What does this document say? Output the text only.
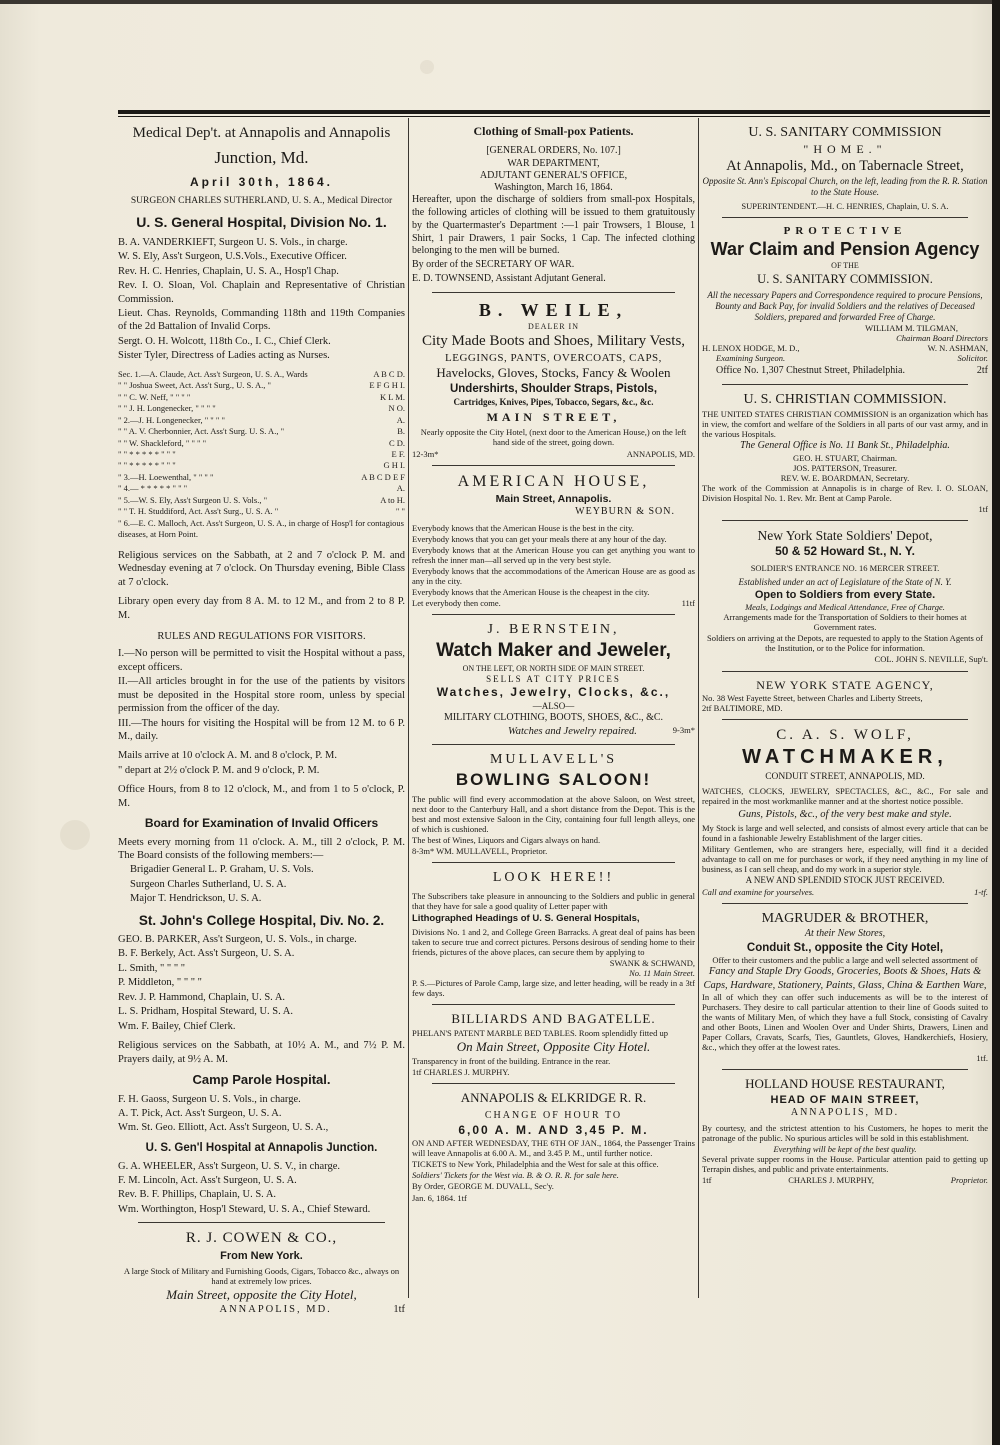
Medical Dep't. at Annapolis and Annapolis
Junction, Md.
April 30th, 1864.

SURGEON CHARLES SUTHERLAND, U. S. A., Medical Director

U. S. General Hospital, Division No. 1.

B. A. VANDERKIEFT, Surgeon U. S. Vols., in charge.

W. S. Ely, Ass't Surgeon, U.S.Vols., Executive Officer.

Rev. H. C. Henries, Chaplain, U. S. A., Hosp'l Chap.

Rev. I. O. Sloan, Vol. Chaplain and Representative of Christian Commission.

Lieut. Chas. Reynolds, Commanding 118th and 119th Companies of the 2d Battalion of Invalid Corps.

Sergt. O. H. Wolcott, 118th Co., I. C., Chief Clerk.

Sister Tyler, Directress of Ladies acting as Nurses.

Sec. 1.—A. Claude, Act. Ass't Surgeon, U. S. A., Wards	A B C D.
" " Joshua Sweet, Act. Ass't Surg., U. S. A., "	E F G H I.
" " C. W. Neff, " " " "	K L M.
" " J. H. Longenecker, " " " "	N O.
" 2.—J. H. Longenecker, " " " "	A.
" " A. V. Cherbonnier, Act. Ass't Surg. U. S. A., "	B.
" " W. Shackleford, " " " "	C D.
" " * * * * * " " "	E F.
" " * * * * * " " "	G H I.
" 3.—H. Loewenthal, " " " "	A B C D E F
" 4.— * * * * * " " "	A.
" 5.—W. S. Ely, Ass't Surgeon U. S. Vols., "	A to H.
" " T. H. Studdiford, Act. Ass't Surg., U. S. A. "	" "
" 6.—E. C. Malloch, Act. Ass't Surgeon, U. S. A., in charge of Hosp'l for contagious diseases, at Horn Point.

Religious services on the Sabbath, at 2 and 7 o'clock P. M. and Wednesday evening at 7 o'clock. On Thursday evening, Bible Class at 7 o'clock.

Library open every day from 8 A. M. to 12 M., and from 2 to 8 P. M.

RULES AND REGULATIONS FOR VISITORS.

I.—No person will be permitted to visit the Hospital without a pass, except officers.

II.—All articles brought in for the use of the patients by visitors must be deposited in the Hospital store room, unless by special permission from the officer of the day.

III.—The hours for visiting the Hospital will be from 12 M. to 6 P. M., daily.

Mails arrive at 10 o'clock A. M. and 8 o'clock, P. M.

" depart at 2½ o'clock P. M. and 9 o'clock, P. M.

Office Hours, from 8 to 12 o'clock, M., and from 1 to 5 o'clock, P. M.

Board for Examination of Invalid Officers

Meets every morning from 11 o'clock. A. M., till 2 o'clock, P. M. The Board consists of the following members:—

Brigadier General L. P. Graham, U. S. Vols.

Surgeon Charles Sutherland, U. S. A.

Major T. Hendrickson, U. S. A.

St. John's College Hospital, Div. No. 2.

GEO. B. PARKER, Ass't Surgeon, U. S. Vols., in charge.

B. F. Berkely, Act. Ass't Surgeon, U. S. A.

L. Smith, " " " "

P. Middleton, " " " "

Rev. J. P. Hammond, Chaplain, U. S. A.

L. S. Pridham, Hospital Steward, U. S. A.

Wm. F. Bailey, Chief Clerk.

Religious services on the Sabbath, at 10½ A. M., and 7½ P. M. Prayers daily, at 9½ A. M.

Camp Parole Hospital.

F. H. Gaoss, Surgeon U. S. Vols., in charge.

A. T. Pick, Act. Ass't Surgeon, U. S. A.

Wm. St. Geo. Elliott, Act. Ass't Surgeon, U. S. A.,

U. S. Gen'l Hospital at Annapolis Junction.

G. A. WHEELER, Ass't Surgeon, U. S. V., in charge.

F. M. Lincoln, Act. Ass't Surgeon, U. S. A.

Rev. B. F. Phillips, Chaplain, U. S. A.

Wm. Worthington, Hosp'l Steward, U. S. A., Chief Steward.

R. J. COWEN & CO.,
From New York.

A large Stock of Military and Furnishing Goods, Cigars, Tobacco &c., always on hand at extremely low prices.

Main Street, opposite the City Hotel,
ANNAPOLIS, MD.	1tf
Clothing of Small-pox Patients.
[GENERAL ORDERS, No. 107.]
WAR DEPARTMENT,
ADJUTANT GENERAL'S OFFICE,
Washington, March 16, 1864.

Hereafter, upon the discharge of soldiers from small-pox Hospitals, the following articles of clothing will be issued to them gratuitously by the Quartermaster's Department :—1 pair Trowsers, 1 Blouse, 1 Shirt, 1 pair Drawers, 1 pair Socks, 1 Cap. The infected clothing belonging to the men will be burned.

By order of the SECRETARY OF WAR.

E. D. TOWNSEND, Assistant Adjutant General.

B. WEILE,
DEALER IN
City Made Boots and Shoes, Military Vests,
LEGGINGS, PANTS, OVERCOATS, CAPS,
Havelocks, Gloves, Stocks, Fancy & Woolen
Undershirts, Shoulder Straps, Pistols,
Cartridges, Knives, Pipes, Tobacco, Segars, &c., &c.
MAIN STREET,
Nearly opposite the City Hotel, (next door to the American House,) on the left hand side of the street, going down.
12-3m*	ANNAPOLIS, MD.
AMERICAN HOUSE,
Main Street, Annapolis.
WEYBURN & SON.

Everybody knows that the American House is the best in the city.

Everybody knows that you can get your meals there at any hour of the day.

Everybody knows that at the American House you can get anything you want to refresh the inner man—all served up in the very best style.

Everybody knows that the accommodations of the American House are as good as any in the city.

Everybody knows that the American House is the cheapest in the city.

Let everybody then come.	11tf
J. BERNSTEIN,
Watch Maker and Jeweler,
ON THE LEFT, OR NORTH SIDE OF MAIN STREET.
SELLS AT CITY PRICES
Watches, Jewelry, Clocks, &c.,
—ALSO—
MILITARY CLOTHING, BOOTS, SHOES, &C., &C.
Watches and Jewelry repaired.	9-3m*
MULLAVELL'S
BOWLING SALOON!

The public will find every accommodation at the above Saloon, on West street, next door to the Canterbury Hall, and a short distance from the Depot. This is the best and most extensive Saloon in the City, containing four full length alleys, one of which is cushioned.

The best of Wines, Liquors and Cigars always on hand.

8-3m* WM. MULLAVELL, Proprietor.

LOOK HERE!!

The Subscribers take pleasure in announcing to the Soldiers and public in general that they have for sale a good quality of Letter paper with

Lithographed Headings of U. S. General Hospitals,

Divisions No. 1 and 2, and College Green Barracks. A great deal of pains has been taken to secure true and correct pictures. Persons desirous of sending home to their friends, pictures of the above places, can secure them by applying to

SWANK & SCHWAND,
No. 11 Main Street.
P. S.—Pictures of Parole Camp, large size, and letter heading, will be ready in a few days.
3tf
BILLIARDS AND BAGATELLE.

PHELAN'S PATENT MARBLE BED TABLES. Room splendidly fitted up

On Main Street, Opposite City Hotel.

Transparency in front of the building. Entrance in the rear.

1tf CHARLES J. MURPHY.

ANNAPOLIS & ELKRIDGE R. R.
CHANGE OF HOUR TO
6,00 A. M. AND 3,45 P. M.

ON AND AFTER WEDNESDAY, THE 6TH OF JAN., 1864, the Passenger Trains will leave Annapolis at 6.00 A. M., and 3.45 P. M., until further notice.

TICKETS to New York, Philadelphia and the West for sale at this office.

Soldiers' Tickets for the West via. B. & O. R. R. for sale here.

By Order, GEORGE M. DUVALL, Sec'y.

Jan. 6, 1864. 1tf

U. S. SANITARY COMMISSION
"HOME."
At Annapolis, Md., on Tabernacle Street,
Opposite St. Ann's Episcopal Church, on the left, leading from the R. R. Station to the State House.
SUPERINTENDENT.—H. C. HENRIES, Chaplain, U. S. A.
PROTECTIVE
War Claim and Pension Agency
OF THE
U. S. SANITARY COMMISSION.
All the necessary Papers and Correspondence required to procure Pensions, Bounty and Back Pay, for invalid Soldiers and the relatives of Deceased Soldiers, prepared and forwarded Free of Charge.
WILLIAM M. TILGMAN,
Chairman Board Directors
H. LENOX HODGE, M. D.,	W. N. ASHMAN,
Examining Surgeon.	Solicitor.
Office No. 1,307 Chestnut Street, Philadelphia.	2tf
U. S. CHRISTIAN COMMISSION.

THE UNITED STATES CHRISTIAN COMMISSION is an organization which has in view, the comfort and welfare of the Soldiers in all parts of our vast army, and in the various Hospitals.

The General Office is No. 11 Bank St., Philadelphia.
GEO. H. STUART, Chairman.
JOS. PATTERSON, Treasurer.
REV. W. E. BOARDMAN, Secretary.

The work of the Commission at Annapolis is in charge of Rev. I. O. SLOAN, Division Hospital No. 1. Rev. Mr. Bent at Camp Parole.

1tf
New York State Soldiers' Depot,
50 & 52 Howard St., N. Y.
SOLDIER'S ENTRANCE NO. 16 MERCER STREET.
Established under an act of Legislature of the State of N. Y.
Open to Soldiers from every State.
Meals, Lodgings and Medical Attendance, Free of Charge.

Arrangements made for the Transportation of Soldiers to their homes at Government rates.

Soldiers on arriving at the Depots, are requested to apply to the Station Agents of the Institution, or to the Police for information.

COL. JOHN S. NEVILLE, Sup't.
NEW YORK STATE AGENCY,
No. 38 West Fayette Street, between Charles and Liberty Streets,
2tf BALTIMORE, MD.
C. A. S. WOLF,
WATCHMAKER,
CONDUIT STREET, ANNAPOLIS, MD.

WATCHES, CLOCKS, JEWELRY, SPECTACLES, &C., &C., For sale and repaired in the most workmanlike manner and at the shortest notice possible.

Guns, Pistols, &c., of the very best make and style.

My Stock is large and well selected, and consists of almost every article that can be found in a fashionable Jewelry Establishment of the larger cities.

Military Gentlemen, who are strangers here, especially, will find it a decided advantage to call on me for purchases or work, if they need anything in my line of business, as I can sell cheap, and do my work in a superior style.

A NEW AND SPLENDID STOCK JUST RECEIVED.
Call and examine for yourselves.	1-tf.
MAGRUDER & BROTHER,
At their New Stores,
Conduit St., opposite the City Hotel,
Offer to their customers and the public a large and well selected assortment of
Fancy and Staple Dry Goods, Groceries, Boots & Shoes, Hats & Caps, Hardware, Stationery, Paints, Glass, China & Earthen Ware,

In all of which they can offer such inducements as will be to the interest of Purchasers. They desire to call particular attention to their line of Goods suited to the wants of Military Men, of which they have a full Stock, consisting of Cavalry and other Boots, Linen and Woolen Over and Under Shirts, Drawers, Linen and Paper Collars, Cravats, Scarfs, Ties, Gauntlets, Gloves, Handkerchiefs, Hosiery, &c., which they offer at the lowest rates.

1tf.
HOLLAND HOUSE RESTAURANT,
HEAD OF MAIN STREET,
ANNAPOLIS, MD.

By courtesy, and the strictest attention to his Customers, he hopes to merit the patronage of the public. No spurious articles will be sold in this establishment.

Everything will be kept of the best quality.

Several private supper rooms in the House. Particular attention paid to getting up Terrapin dishes, and public and private entertainments.

1tf	CHARLES J. MURPHY,	Proprietor.
